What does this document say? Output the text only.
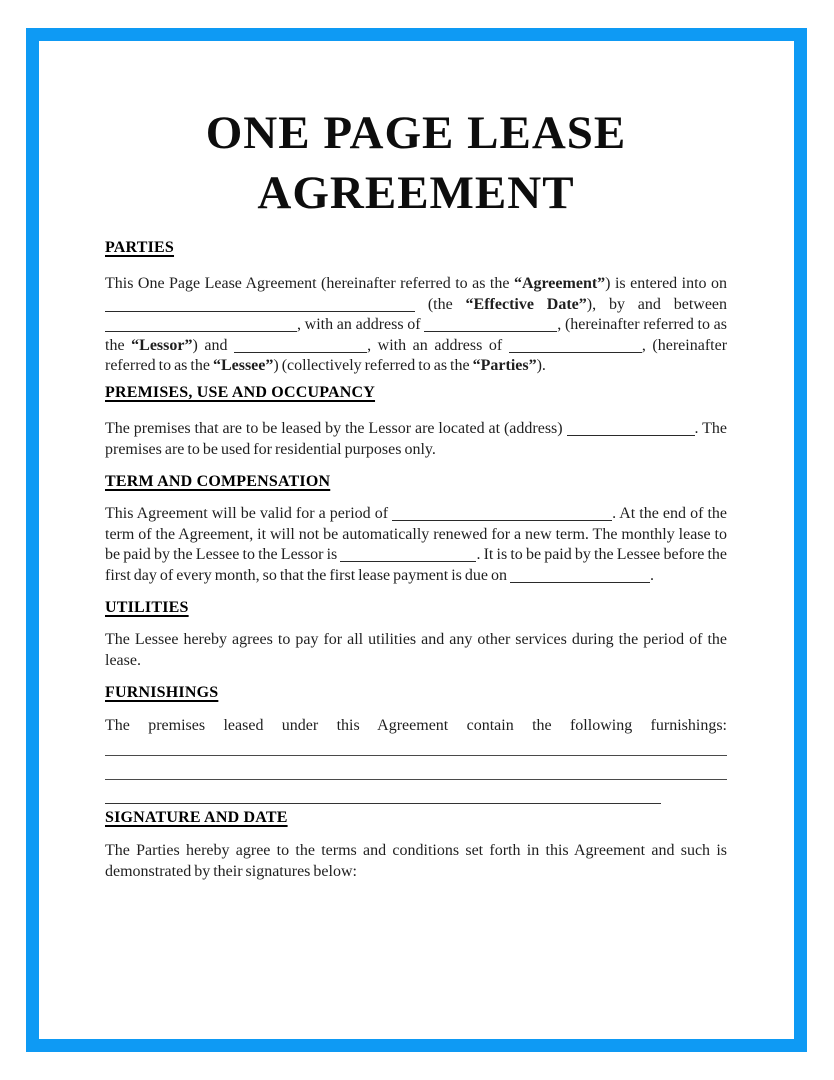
ONE PAGE LEASE
AGREEMENT
PARTIES
This One Page Lease Agreement (hereinafter referred to as the “Agreement”) is entered into on
(the “Effective Date”), by and between
, with an address of	, (hereinafter referred to as
the “Lessor”) and	, with an address of	, (hereinafter
referred to as the “Lessee”) (collectively referred to as the “Parties”).
PREMISES, USE AND OCCUPANCY
The premises that are to be leased by the Lessor are located at (address)	. The
premises are to be used for residential purposes only.
TERM AND COMPENSATION
This Agreement will be valid for a period of	. At the end of the
term of the Agreement, it will not be automatically renewed for a new term. The monthly lease to
be paid by the Lessee to the Lessor is	. It is to be paid by the Lessee before the
first day of every month, so that the first lease payment is due on	.
UTILITIES
The Lessee hereby agrees to pay for all utilities and any other services during the period of the
lease.
FURNISHINGS
The premises leased under this Agreement contain the following furnishings:
SIGNATURE AND DATE
The Parties hereby agree to the terms and conditions set forth in this Agreement and such is
demonstrated by their signatures below:
